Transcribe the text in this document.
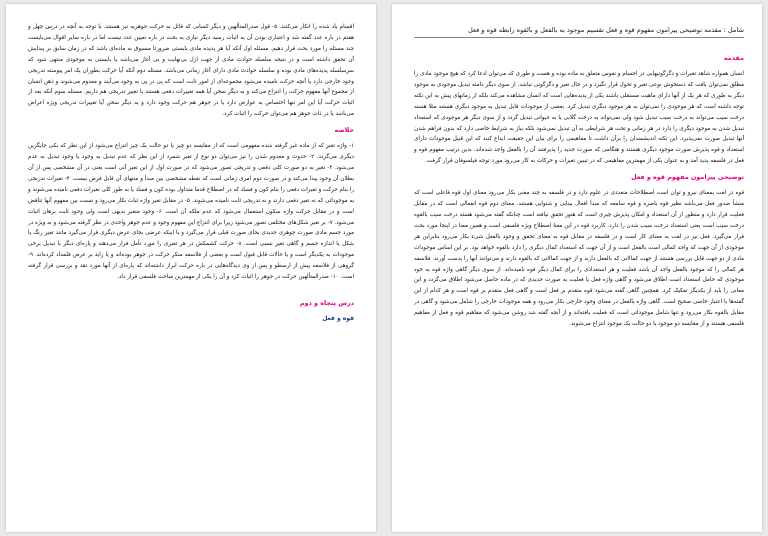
اقسام یاد شده را انکار می‌کنند. ۵- قول صدرالمتألهین و دیگر کسانی که قائل به حرکت جوهریه نیز هستند. با توجه به آنچه در درس چهل و هفتم در باره عدد گفته شد و اعتباری بودن آن به اثبات رسید دیگر نیازی به بحث در باره تعیین عدد نیست اما در باره سایر اقوال می‌بایست چند مسئله را مورد بحث قرار دهیم. مسئله اول آنکه آیا هر پدیده مادی بایستی ضرورتا مسبوق به ماده‌ای باشد که در زمان سابق بر پیدایش آن تحقق داشته است و در نتیجه سلسله حوادث مادی از جهت ازل بی‌نهایت و بی آغاز می‌باشد یا بایستی به موجودی منتهی شود که سرسلسله پدیده‌های مادی بوده و سلسله حوادث مادی دارای آغاز زمانی می‌باشد. مسئله دوم آنکه آیا حرکت بطوران یک امر پیوسته تدریجی وجود خارجی دارد یا آنچه حرکت نامیده می‌شود مجموعه‌ای از امور ثابت است که پی در پی به وجود می‌آیند و معدوم می‌شوند و ذهن انسان از مجموع آنها مفهوم حرکت را انتزاع می‌کند و به دیگر سخن آیا همه تغییرات دفعی هستند یا تغییر تدریجی هم داریم. مسئله سوم آنکه بعد از اثبات حرکت آیا این امر تنها اختصاص به عوارض دارد یا در جوهر هم حرکت وجود دارد و به دیگر سخن آیا تغییرات تدریجی ویژه اعراض می‌باشد یا در ذات جوهر هم می‌توان حرکت را اثبات کرد.

خلاصه

۱- واژه تغیر که از ماده غیر گرفته شده مفهومی است که از مقایسه دو چیز یا دو حالت یک چیز انتزاع می‌شود از این نظر که یکی جایگزین دیگری می‌گردد. ۲- حدوث و معدوم شدن را نیز می‌توان دو نوع از تغیر شمرد از این نظر که عدم تبدیل به وجود یا وجود تبدیل به عدم می‌شود. ۳- تغیر به دو صورت کلی دفعی و تدریجی تصور می‌شود که در صورت اول از این تغیر آنی است یعنی در آن مشخصی پس از آن بطلان آن وجود پیدا می‌کند و در صورت دوم امری زمانی است که نقطه مشخصی بین مبدأ و منتهای آن قابل فرض نیست. ۴- تغیرات تدریجی را بنام حرکت و تغیرات دفعی را بنام کون و فساد که در اصطلاح قدما متداول بوده کون و فساد یا به طور کلی تغیرات دفعی نامیده می‌شوند و به موجوداتی که نه تغیر دفعی دارند و نه تدریجی ثابت نامیده می‌شوند. ۵- در مقابل تغیر واژه ثبات بکار می‌رود و نسبت بین مفهوم آنها تناقض است و در مقابل حرکت واژه سکون استعمال می‌شود که عدم ملکه آن است. ۶- وجود متغیر بدیهی است ولی وجود ثابت برهان اثبات می‌شود. ۷- بر تغیر شکل‌های مختلفی تصور می‌شود زیرا برای انتزاع این مفهوم وجود و عدم جوهر واحدی در نظر گرفته می‌شود و به ویژه در مورد جسم مادی صورت جوهری جدیدی بجای صورت قبلی قرار می‌گیرد و یا اینکه عرضی بجای عرض دیگری قرار می‌گیرد مانند تغیر رنگ یا شکل یا اندازه جسم و گاهی تغیر نسبی است. ۸- حرکت کشمکش در هر تغیری را مورد تأمل قرار می‌دهند و پاره‌ای دیگر با تبدیل برخی موجودات به یکدیگر است و یا حالات قابل قبول است و بعضی از فلاسفه منکر حرکت در جوهر بوده‌اند و یا زاید بر عرض قلمداد کرده‌اند. ۹- گروهی از فلاسفه پیش از ارسطو و پس از وی دیدگاه‌هایی در باره حرکت ابراز داشته‌اند که پاره‌ای از آنها مورد نقد و بررسی قرار گرفته است. ۱۰- صدرالمتألهین حرکت در جوهر را اثبات کرد و آن را یکی از مهمترین مباحث فلسفی قرار داد.

درس پنجاه و دوم
قوه و فعل
شامل : مقدمه توضیحی پیرامون مفهوم قوه و فعل تقسیم موجود به بالفعل و بالقوه رابطه قوه و فعل
مقدمه

انسان همواره شاهد تغیرات و دگرگونیهایی در اجسام و نفوس متعلق به ماده بوده و هست و طوری که می‌توان ادعا کرد که هیچ موجود مادی را مطلق نمی‌توان یافت که دستخوش نوعی تغیر و تحول قرار نگیرد و در حال تغیر و دگرگونی نباشد. از سوی دیگر دامنه تبدیل موجودی به موجود دیگر به طوری که هر یک از آنها دارای ماهیت مستقلی باشند یکی از پدیده‌هایی است که انسان مشاهده می‌کند بلکه از زمانهای پیش به این نکته توجه داشته است که هر موجودی را نمی‌توان به هر موجود دیگری تبدیل کرد. بعضی از موجودات قابل تبدیل به موجود دیگری هستند مثلا هسته درخت سیب می‌تواند به درخت سیب تبدیل شود ولی نمی‌تواند به درخت گلابی یا به حیوانی تبدیل گردد و از سوی دیگر هر موجودی که استعداد تبدیل شدن به موجود دیگری را دارد در هر زمانی و تحت هر شرایطی به آن تبدیل نمی‌شود بلکه نیاز به شرایط خاصی دارد که بدون فراهم شدن آنها تبدیل صورت نمی‌پذیرد. این نکته اندیشمندان را برآن داشت تا مفاهیمی را برای بیان این حقیقت ابداع کنند که این قبیل موجودات دارای استعداد و قوه پذیرش صورت موجود دیگری هستند و هنگامی که صورت جدید را پذیرفتند آن را بالفعل واجد شده‌اند. بدین ترتیب مفهوم قوه و فعل در فلسفه پدید آمد و به عنوان یکی از مهمترین مفاهیمی که در تبیین تغیرات و حرکات به کار می‌رود مورد توجه فیلسوفان قرار گرفت.

توضیحی پیرامون مفهوم قوه و فعل

قوه در لغت بمعنای نیرو و توان است اصطلاحات متعددی در علوم دارد و در فلسفه به چند معنی بکار می‌رود معنای اول قوه فاعلی است که منشأ صدور فعل می‌باشد نظیر قوه باصره و قوه سامعه که مبدأ افعال بینایی و شنوایی هستند. معنای دوم قوه انفعالی است که در مقابل فعلیت قرار دارد و منظور از آن استعداد و امکان پذیرش چیزی است که هنوز تحقق نیافته است چنانکه گفته می‌شود هسته درخت سیب بالقوه درخت سیب است یعنی استعداد درخت سیب شدن را دارد. کاربرد قوه در این معنا اصطلاح ویژه فلسفی است و همین معنا در اینجا مورد بحث قرار می‌گیرد. فعل نیز در لغت به معنای کار است و در فلسفه در مقابل قوه به معنای تحقق و وجود بالفعل شیء بکار می‌رود بنابراین هر موجودی از آن جهت که واجد کمالی است بالفعل است و از آن جهت که استعداد کمال دیگری را دارد بالقوه خواهد بود. بر این اساس موجودات مادی از دو جهت قابل بررسی هستند از جهت کمالاتی که بالفعل دارند و از جهت کمالاتی که بالقوه دارند و می‌توانند آنها را بدست آورند. فلاسفه هر کمالی را که موجود بالفعل واجد آن باشد فعلیت و هر استعدادی را برای کمال دیگر قوه نامیده‌اند. از سوی دیگر گاهی واژه قوه به خود موجودی که حامل استعداد است اطلاق می‌شود و گاهی واژه فعل یا فعلیت به صورت جدیدی که در ماده حاصل می‌شود اطلاق می‌گردد و این معانی را باید از یکدیگر تفکیک کرد. همچنین گاهی گفته می‌شود قوه متقدم بر فعل است و گاهی فعل متقدم بر قوه است و هر کدام از این گفته‌ها با اعتبار خاصی صحیح است. گاهی واژه بالفعل در معنای وجود خارجی بکار می‌رود و همه موجودات خارجی را شامل می‌شود و گاهی در مقابل بالقوه بکار می‌رود و تنها شامل موجوداتی است که فعلیت یافته‌اند و از آنچه گفته شد روشن می‌شود که مفاهیم قوه و فعل از مفاهیم فلسفی هستند و از مقایسه دو موجود یا دو حالت یک موجود انتزاع می‌شوند.
